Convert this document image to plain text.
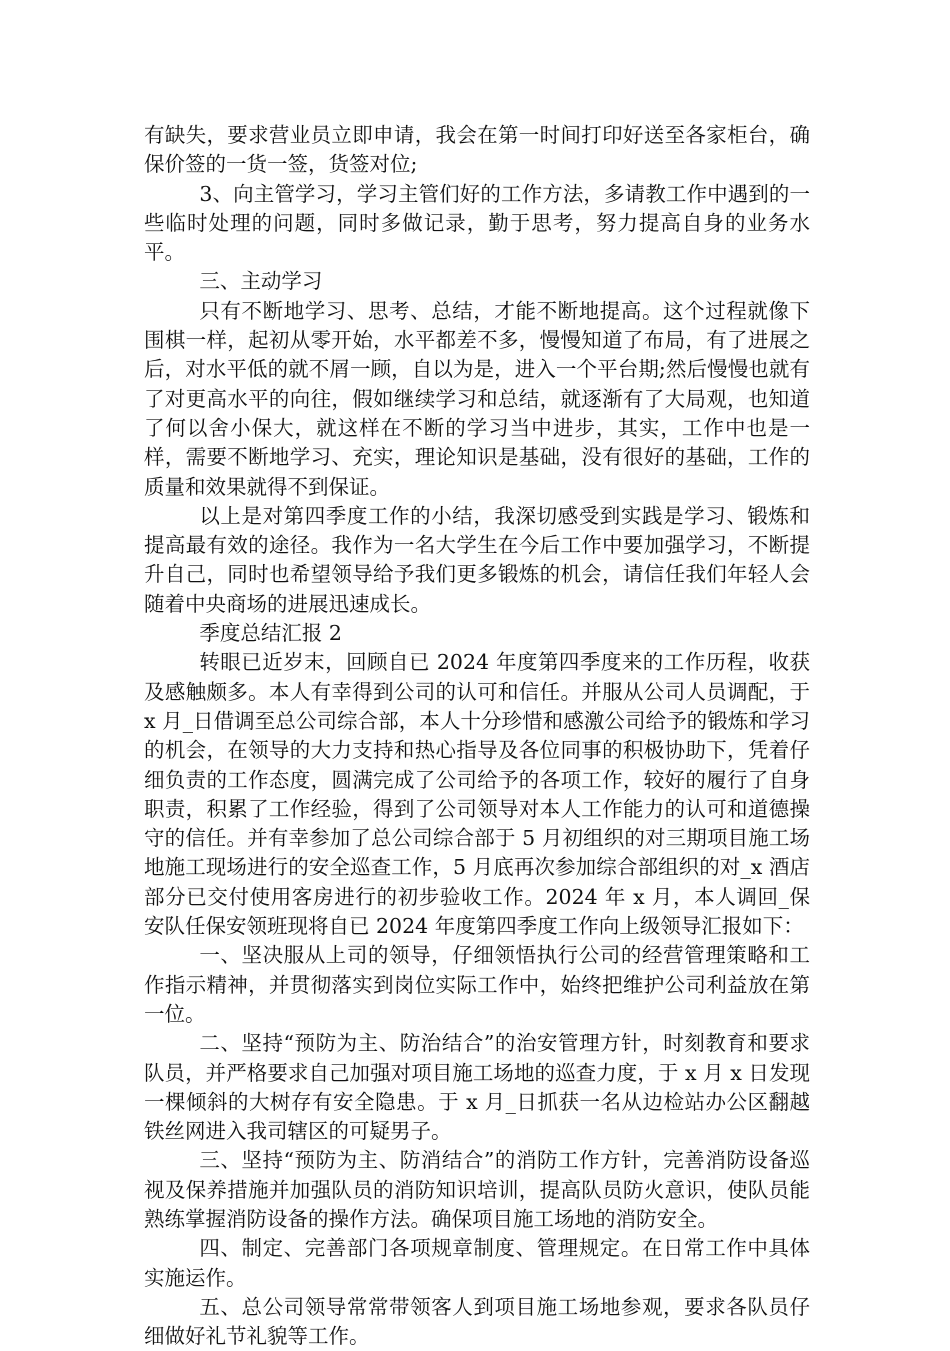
有缺失，要求营业员立即申请，我会在第一时间打印好送至各家柜台，确保价签的一货一签，货签对位;

3、向主管学习，学习主管们好的工作方法，多请教工作中遇到的一些临时处理的问题，同时多做记录，勤于思考，努力提高自身的业务水平。

三、主动学习

只有不断地学习、思考、总结，才能不断地提高。这个过程就像下围棋一样，起初从零开始，水平都差不多，慢慢知道了布局，有了进展之后，对水平低的就不屑一顾，自以为是，进入一个平台期;然后慢慢也就有了对更高水平的向往，假如继续学习和总结，就逐渐有了大局观，也知道了何以舍小保大，就这样在不断的学习当中进步，其实，工作中也是一样，需要不断地学习、充实，理论知识是基础，没有很好的基础，工作的质量和效果就得不到保证。

以上是对第四季度工作的小结，我深切感受到实践是学习、锻炼和提高最有效的途径。我作为一名大学生在今后工作中要加强学习，不断提升自己，同时也希望领导给予我们更多锻炼的机会，请信任我们年轻人会随着中央商场的进展迅速成长。

季度总结汇报 2

转眼已近岁末，回顾自已 2024 年度第四季度来的工作历程，收获及感触颇多。本人有幸得到公司的认可和信任。并服从公司人员调配，于 x 月_日借调至总公司综合部，本人十分珍惜和感激公司给予的锻炼和学习的机会，在领导的大力支持和热心指导及各位同事的积极协助下，凭着仔细负责的工作态度，圆满完成了公司给予的各项工作，较好的履行了自身职责，积累了工作经验，得到了公司领导对本人工作能力的认可和道德操守的信任。并有幸参加了总公司综合部于 5 月初组织的对三期项目施工场地施工现场进行的安全巡查工作，5 月底再次参加综合部组织的对_x 酒店部分已交付使用客房进行的初步验收工作。2024 年 x 月，本人调回_保安队任保安领班现将自已 2024 年度第四季度工作向上级领导汇报如下：

一、坚决服从上司的领导，仔细领悟执行公司的经营管理策略和工作指示精神，并贯彻落实到岗位实际工作中，始终把维护公司利益放在第一位。

二、坚持“预防为主、防治结合”的治安管理方针，时刻教育和要求队员，并严格要求自己加强对项目施工场地的巡查力度，于 x 月 x 日发现一棵倾斜的大树存有安全隐患。于 x 月_日抓获一名从边检站办公区翻越铁丝网进入我司辖区的可疑男子。

三、坚持“预防为主、防消结合”的消防工作方针，完善消防设备巡视及保养措施并加强队员的消防知识培训，提高队员防火意识，使队员能熟练掌握消防设备的操作方法。确保项目施工场地的消防安全。

四、制定、完善部门各项规章制度、管理规定。在日常工作中具体实施运作。

五、总公司领导常常带领客人到项目施工场地参观，要求各队员仔细做好礼节礼貌等工作。
